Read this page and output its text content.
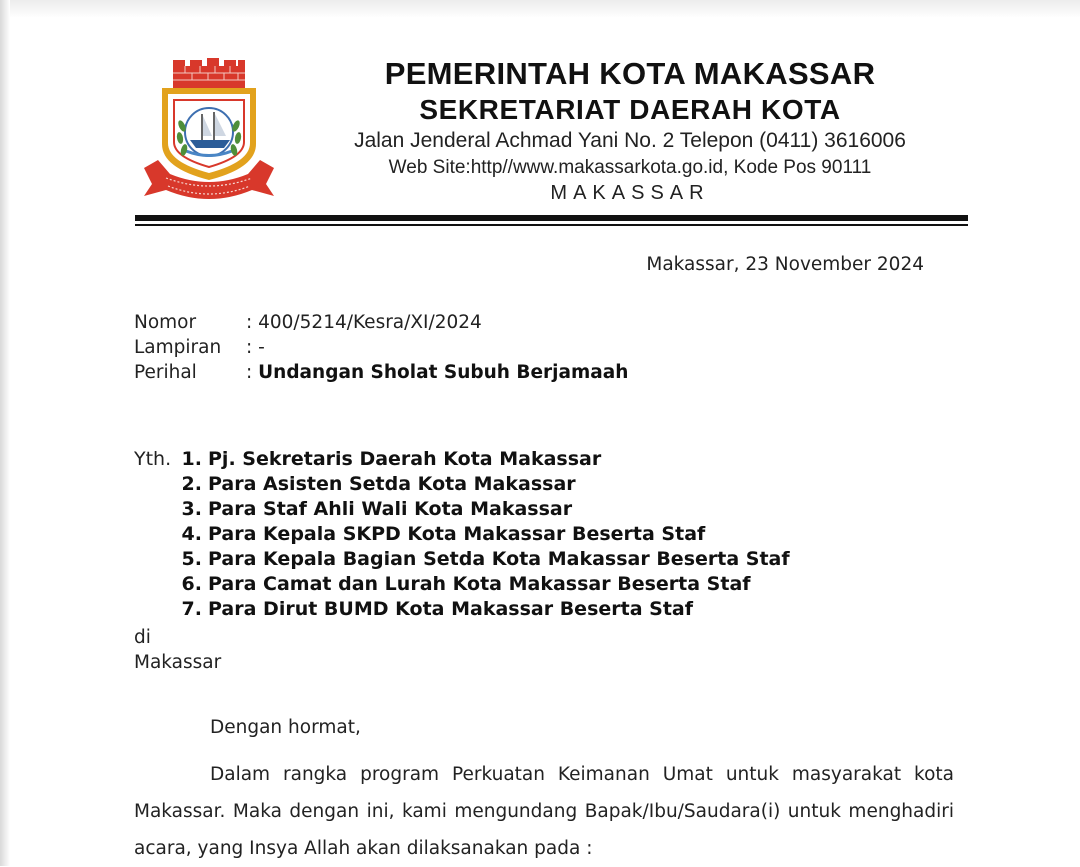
PEMERINTAH KOTA MAKASSAR
SEKRETARIAT DAERAH KOTA
Jalan Jenderal Achmad Yani No. 2 Telepon (0411) 3616006
Web Site:http//www.makassarkota.go.id, Kode Pos 90111
MAKASSAR
Makassar, 23 November 2024
Nomor	: 400/5214/Kesra/XI/2024
Lampiran	: -
Perihal	: Undangan Sholat Subuh Berjamaah
Yth. 1. Pj. Sekretaris Daerah Kota Makassar
2. Para Asisten Setda Kota Makassar
3. Para Staf Ahli Wali Kota Makassar
4. Para Kepala SKPD Kota Makassar Beserta Staf
5. Para Kepala Bagian Setda Kota Makassar Beserta Staf
6. Para Camat dan Lurah Kota Makassar Beserta Staf
7. Para Dirut BUMD Kota Makassar Beserta Staf
di
Makassar
Dengan hormat,
Dalam rangka program Perkuatan Keimanan Umat untuk masyarakat kota Makassar. Maka dengan ini, kami mengundang Bapak/Ibu/Saudara(i) untuk menghadiri acara, yang Insya Allah akan dilaksanakan pada :
